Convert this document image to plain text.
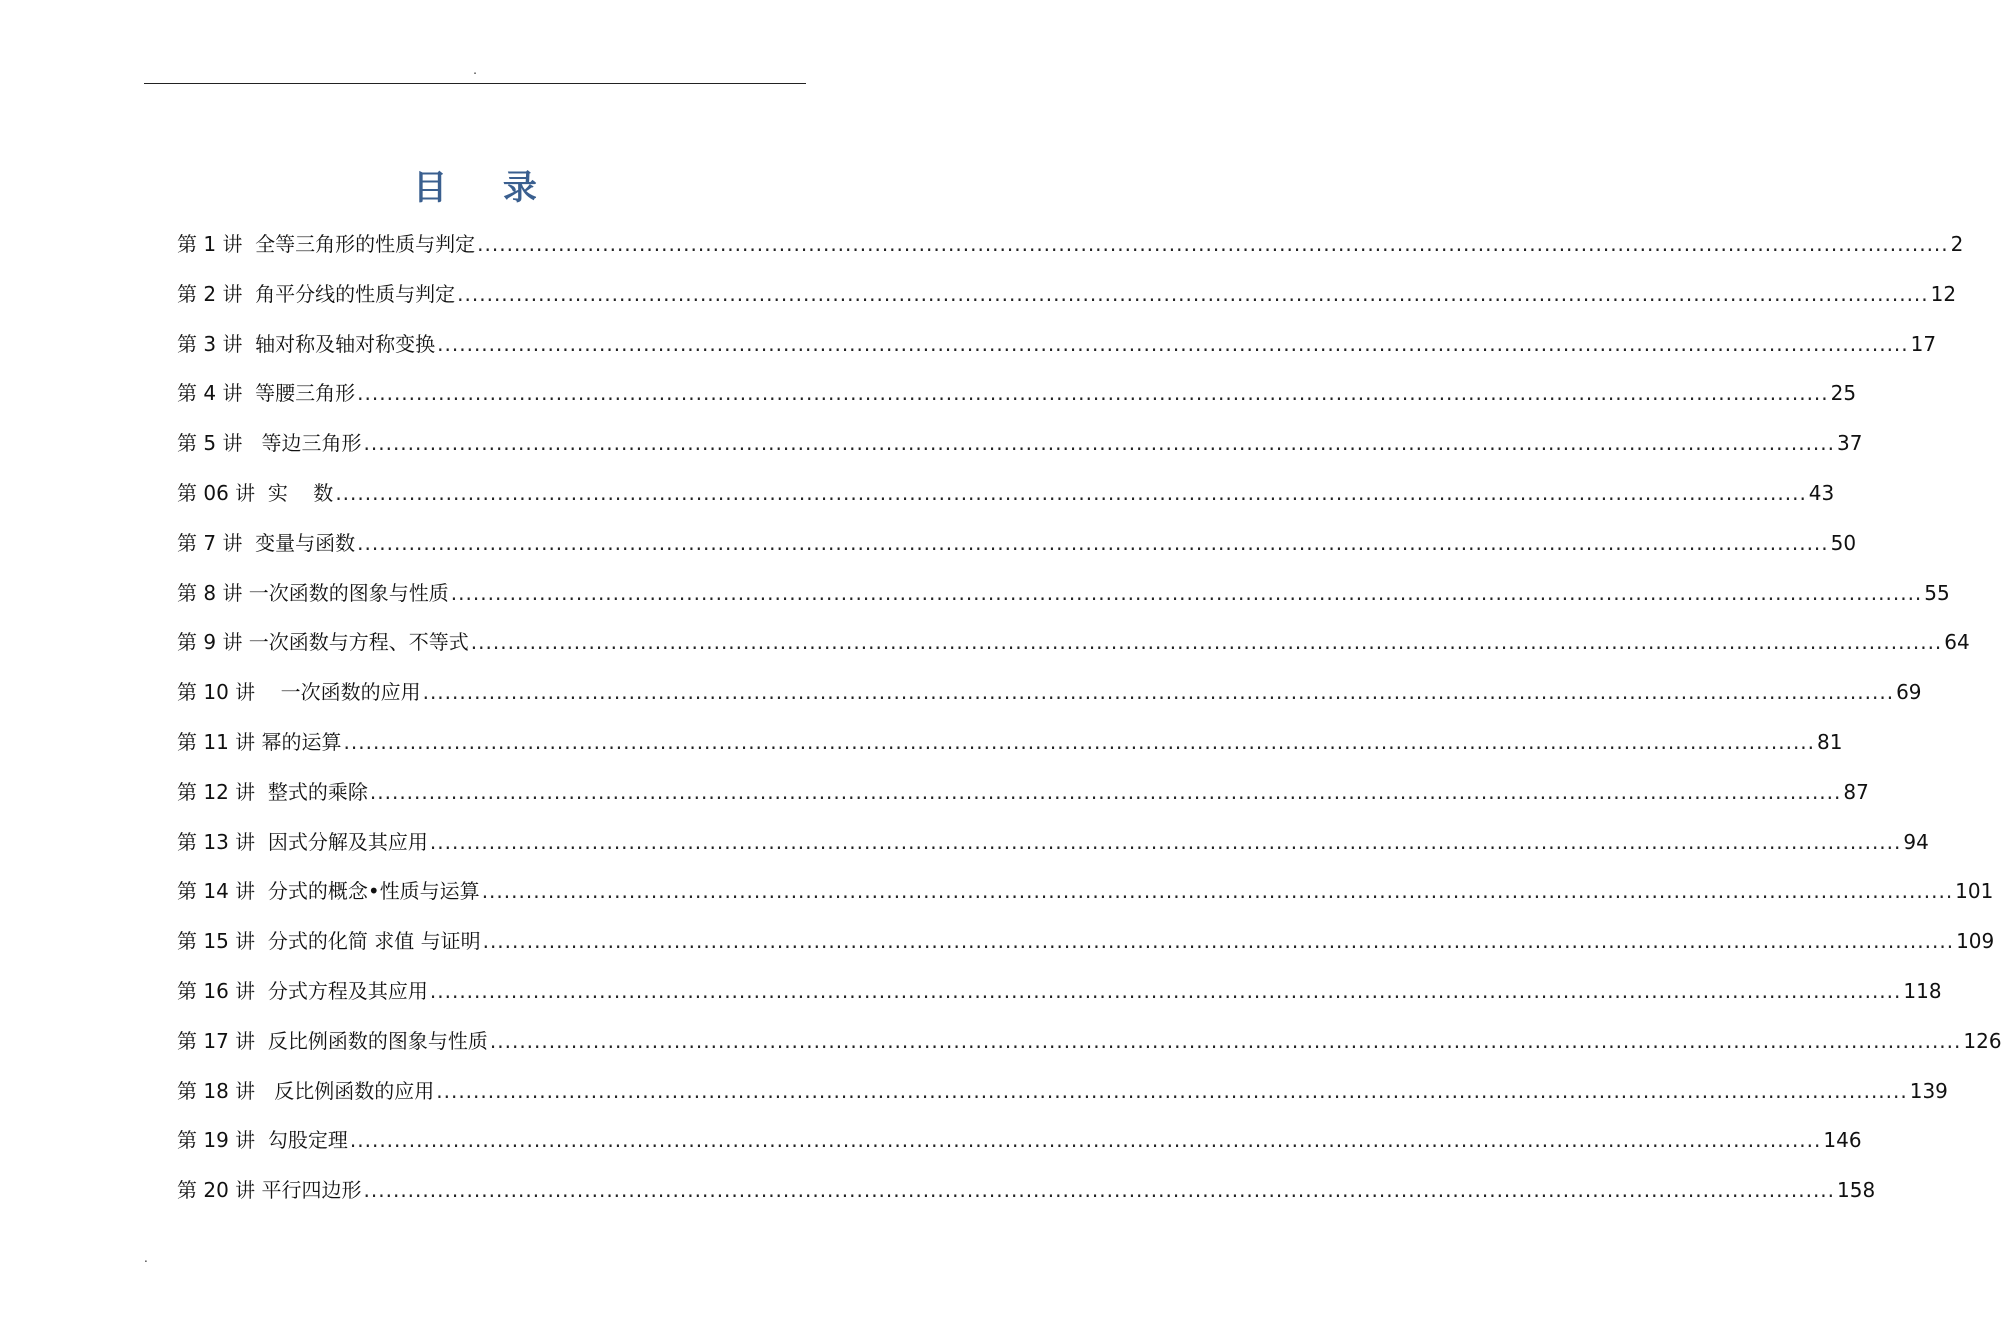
.
目 录
第 1 讲  全等三角形的性质与判定 ........................................................................................................................................................................................................ 2
第 2 讲  角平分线的性质与判定 ........................................................................................................................................................................................................ 12
第 3 讲  轴对称及轴对称变换 ........................................................................................................................................................................................................ 17
第 4 讲  等腰三角形 ........................................................................................................................................................................................................ 25
第 5 讲   等边三角形 ........................................................................................................................................................................................................ 37
第 06 讲  实    数 ........................................................................................................................................................................................................ 43
第 7 讲  变量与函数 ........................................................................................................................................................................................................ 50
第 8 讲 一次函数的图象与性质 ........................................................................................................................................................................................................ 55
第 9 讲 一次函数与方程、不等式 ........................................................................................................................................................................................................ 64
第 10 讲    一次函数的应用 ........................................................................................................................................................................................................ 69
第 11 讲 幂的运算 ........................................................................................................................................................................................................ 81
第 12 讲  整式的乘除 ........................................................................................................................................................................................................ 87
第 13 讲  因式分解及其应用 ........................................................................................................................................................................................................ 94
第 14 讲  分式的概念•性质与运算 ........................................................................................................................................................................................................ 101
第 15 讲  分式的化简 求值 与证明 ........................................................................................................................................................................................................ 109
第 16 讲  分式方程及其应用 ........................................................................................................................................................................................................ 118
第 17 讲  反比例函数的图象与性质 ........................................................................................................................................................................................................ 126
第 18 讲   反比例函数的应用 ........................................................................................................................................................................................................ 139
第 19 讲  勾股定理 ........................................................................................................................................................................................................ 146
第 20 讲 平行四边形 ........................................................................................................................................................................................................ 158
.
